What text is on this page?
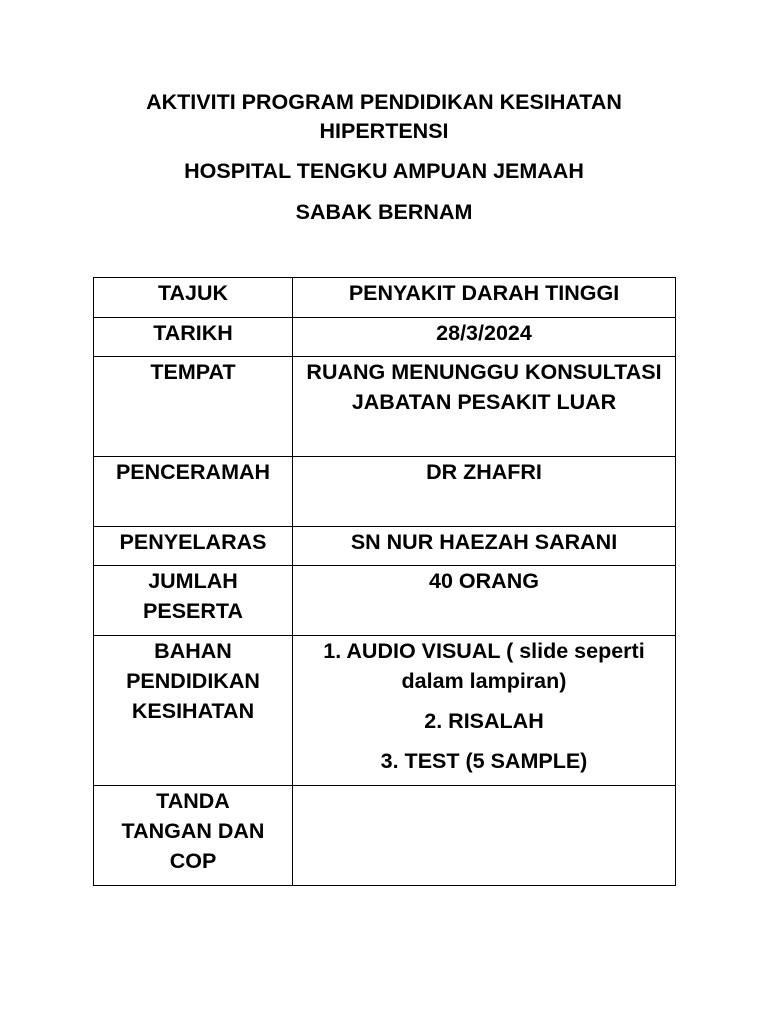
AKTIVITI PROGRAM PENDIDIKAN KESIHATAN HIPERTENSI
HOSPITAL TENGKU AMPUAN JEMAAH
SABAK BERNAM
TAJUK	PENYAKIT DARAH TINGGI

TARIKH	28/3/2024

TEMPAT	RUANG MENUNGGU KONSULTASI JABATAN PESAKIT LUAR

PENCERAMAH	DR ZHAFRI

PENYELARAS	SN NUR HAEZAH SARANI

JUMLAH PESERTA	40 ORANG

BAHAN PENDIDIKAN KESIHATAN	1. AUDIO VISUAL ( slide seperti dalam lampiran)
2. RISALAH
3. TEST (5 SAMPLE)

TANDA TANGAN DAN COP	
